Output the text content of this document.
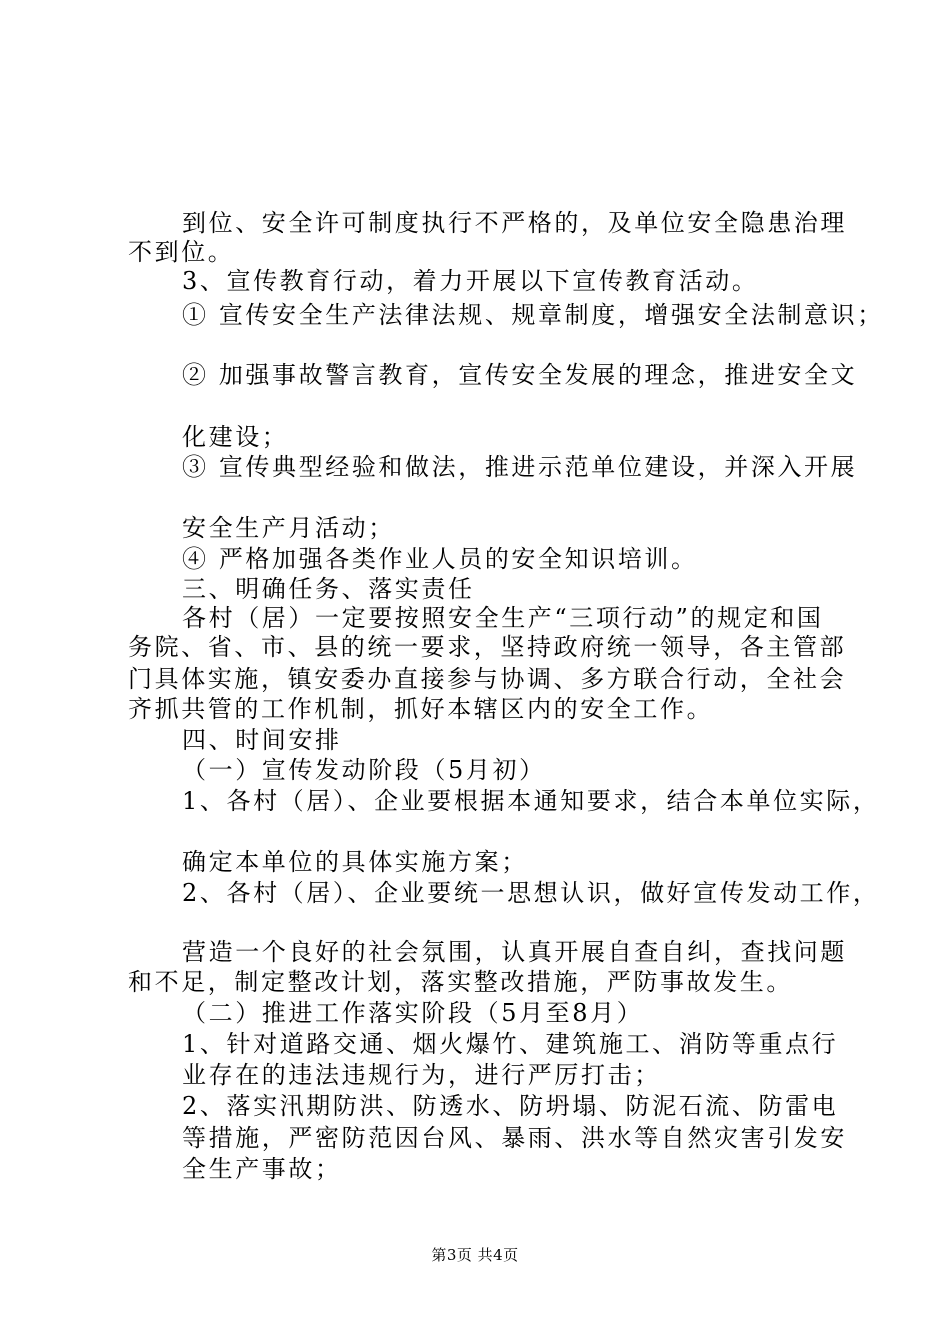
到位、安全许可制度执行不严格的，及单位安全隐患治理
不到位。
3、宣传教育行动，着力开展以下宣传教育活动。
① 宣传安全生产法律法规、规章制度，增强安全法制意识；
② 加强事故警言教育，宣传安全发展的理念，推进安全文
化建设；
③ 宣传典型经验和做法，推进示范单位建设，并深入开展
安全生产月活动；
④ 严格加强各类作业人员的安全知识培训。
三、明确任务、落实责任
各村（居）一定要按照安全生产“三项行动”的规定和国
务院、省、市、县的统一要求，坚持政府统一领导，各主管部
门具体实施，镇安委办直接参与协调、多方联合行动，全社会
齐抓共管的工作机制，抓好本辖区内的安全工作。
四、时间安排
（一）宣传发动阶段（5月初）
1、各村（居）、企业要根据本通知要求，结合本单位实际，
确定本单位的具体实施方案；
2、各村（居）、企业要统一思想认识，做好宣传发动工作，
营造一个良好的社会氛围，认真开展自查自纠，查找问题
和不足，制定整改计划，落实整改措施，严防事故发生。
（二）推进工作落实阶段（5月至8月）
1、针对道路交通、烟火爆竹、建筑施工、消防等重点行
业存在的违法违规行为，进行严厉打击；
2、落实汛期防洪、防透水、防坍塌、防泥石流、防雷电
等措施，严密防范因台风、暴雨、洪水等自然灾害引发安
全生产事故；
第3页 共4页
